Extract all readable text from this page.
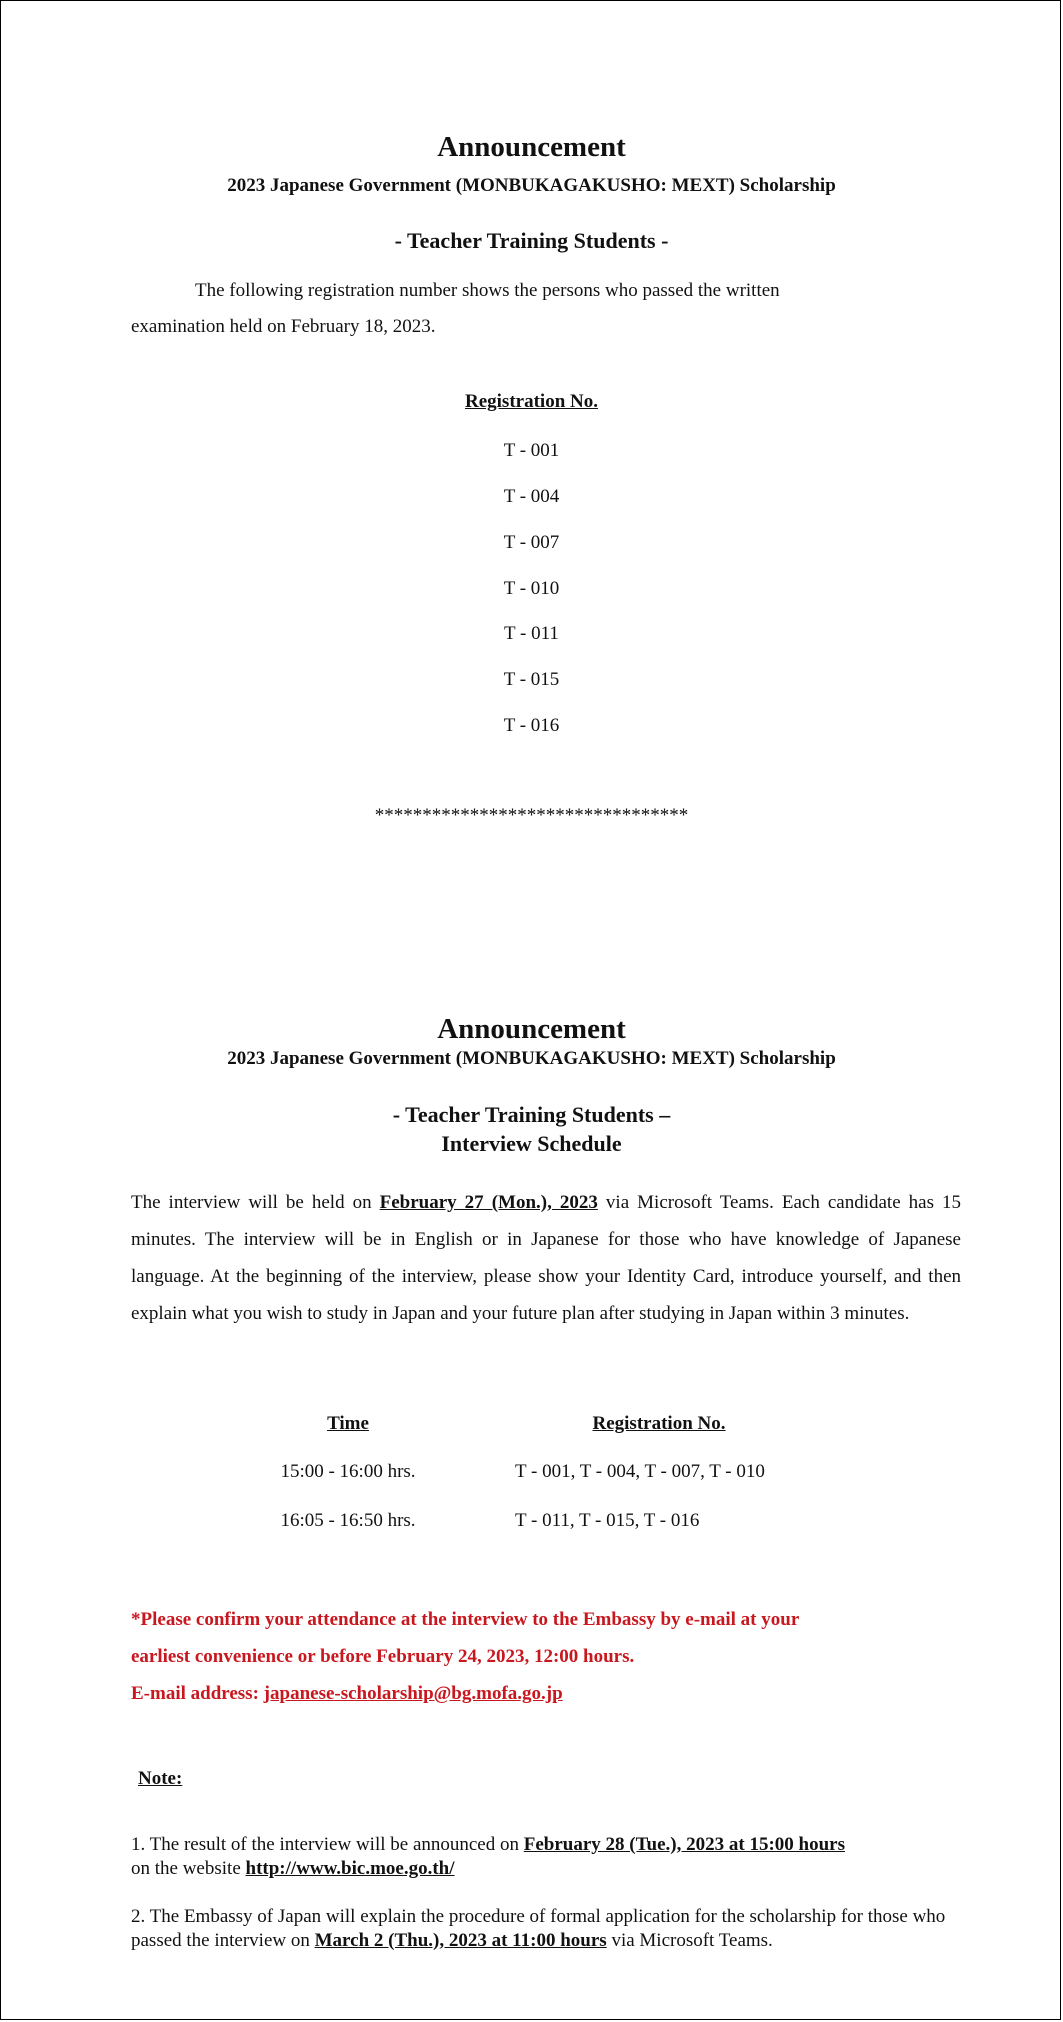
Announcement
2023 Japanese Government (MONBUKAGAKUSHO: MEXT) Scholarship
- Teacher Training Students -
The following registration number shows the persons who passed the written
examination held on February 18, 2023.
Registration No.
T - 001
T - 004
T - 007
T - 010
T - 011
T - 015
T - 016
*********************************
Announcement
2023 Japanese Government (MONBUKAGAKUSHO: MEXT) Scholarship
- Teacher Training Students –
Interview Schedule
The interview will be held on February 27 (Mon.), 2023 via Microsoft Teams. Each candidate has 15 minutes. The interview will be in English or in Japanese for those who have knowledge of Japanese language. At the beginning of the interview, please show your Identity Card, introduce yourself, and then explain what you wish to study in Japan and your future plan after studying in Japan within 3 minutes.
Time	Registration No.
15:00 - 16:00 hrs.	T - 001, T - 004, T - 007, T - 010
16:05 - 16:50 hrs.	T - 011, T - 015, T - 016
*Please confirm your attendance at the interview to the Embassy by e-mail at your
earliest convenience or before February 24, 2023, 12:00 hours.
E-mail address: japanese-scholarship@bg.mofa.go.jp
Note:
1. The result of the interview will be announced on February 28 (Tue.), 2023 at 15:00 hours
on the website http://www.bic.moe.go.th/
2. The Embassy of Japan will explain the procedure of formal application for the scholarship for those who passed the interview on March 2 (Thu.), 2023 at 11:00 hours via Microsoft Teams.
